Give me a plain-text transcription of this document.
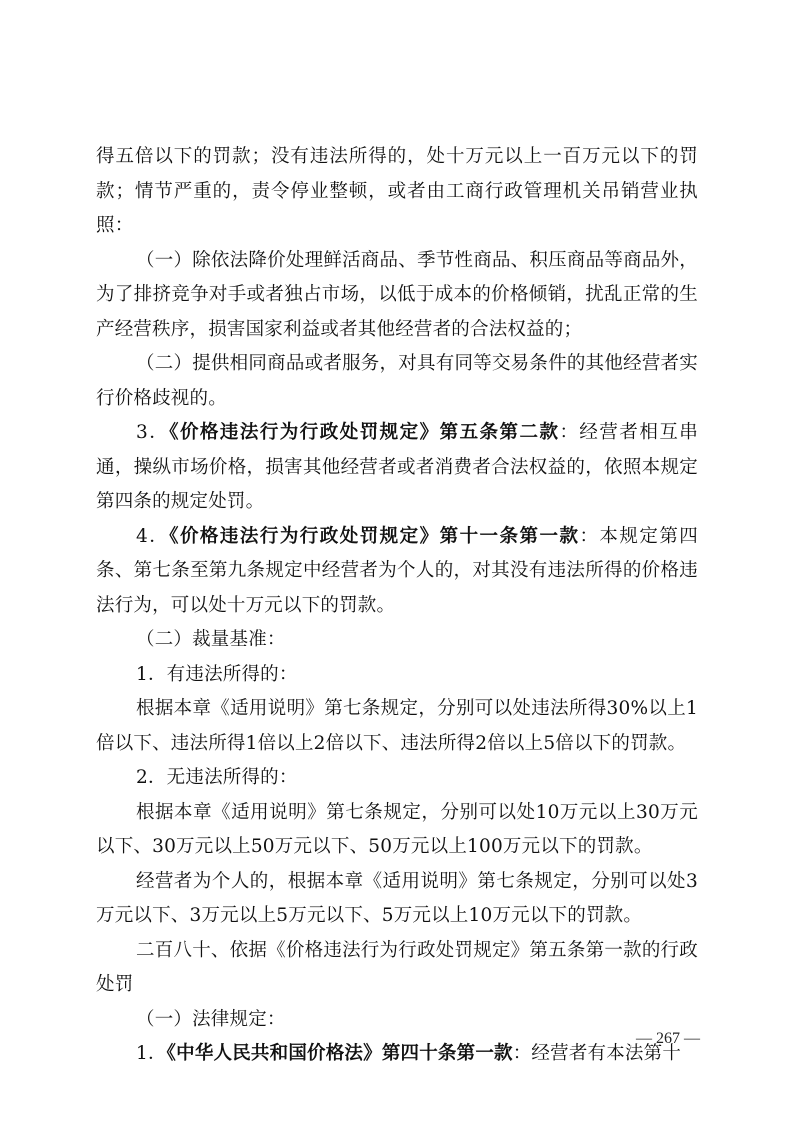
得五倍以下的罚款；没有违法所得的，处十万元以上一百万元以下的罚款；情节严重的，责令停业整顿，或者由工商行政管理机关吊销营业执照：

（一）除依法降价处理鲜活商品、季节性商品、积压商品等商品外，为了排挤竞争对手或者独占市场，以低于成本的价格倾销，扰乱正常的生产经营秩序，损害国家利益或者其他经营者的合法权益的；

（二）提供相同商品或者服务，对具有同等交易条件的其他经营者实行价格歧视的。

3．《价格违法行为行政处罚规定》第五条第二款：经营者相互串通，操纵市场价格，损害其他经营者或者消费者合法权益的，依照本规定第四条的规定处罚。

4．《价格违法行为行政处罚规定》第十一条第一款：本规定第四条、第七条至第九条规定中经营者为个人的，对其没有违法所得的价格违法行为，可以处十万元以下的罚款。

（二）裁量基准：

1．有违法所得的：

根据本章《适用说明》第七条规定，分别可以处违法所得30%以上1倍以下、违法所得1倍以上2倍以下、违法所得2倍以上5倍以下的罚款。

2．无违法所得的：

根据本章《适用说明》第七条规定，分别可以处10万元以上30万元以下、30万元以上50万元以下、50万元以上100万元以下的罚款。

经营者为个人的，根据本章《适用说明》第七条规定，分别可以处3万元以下、3万元以上5万元以下、5万元以上10万元以下的罚款。

二百八十、依据《价格违法行为行政处罚规定》第五条第一款的行政处罚

（一）法律规定：

1．《中华人民共和国价格法》第四十条第一款：经营者有本法第十

— 267 —
